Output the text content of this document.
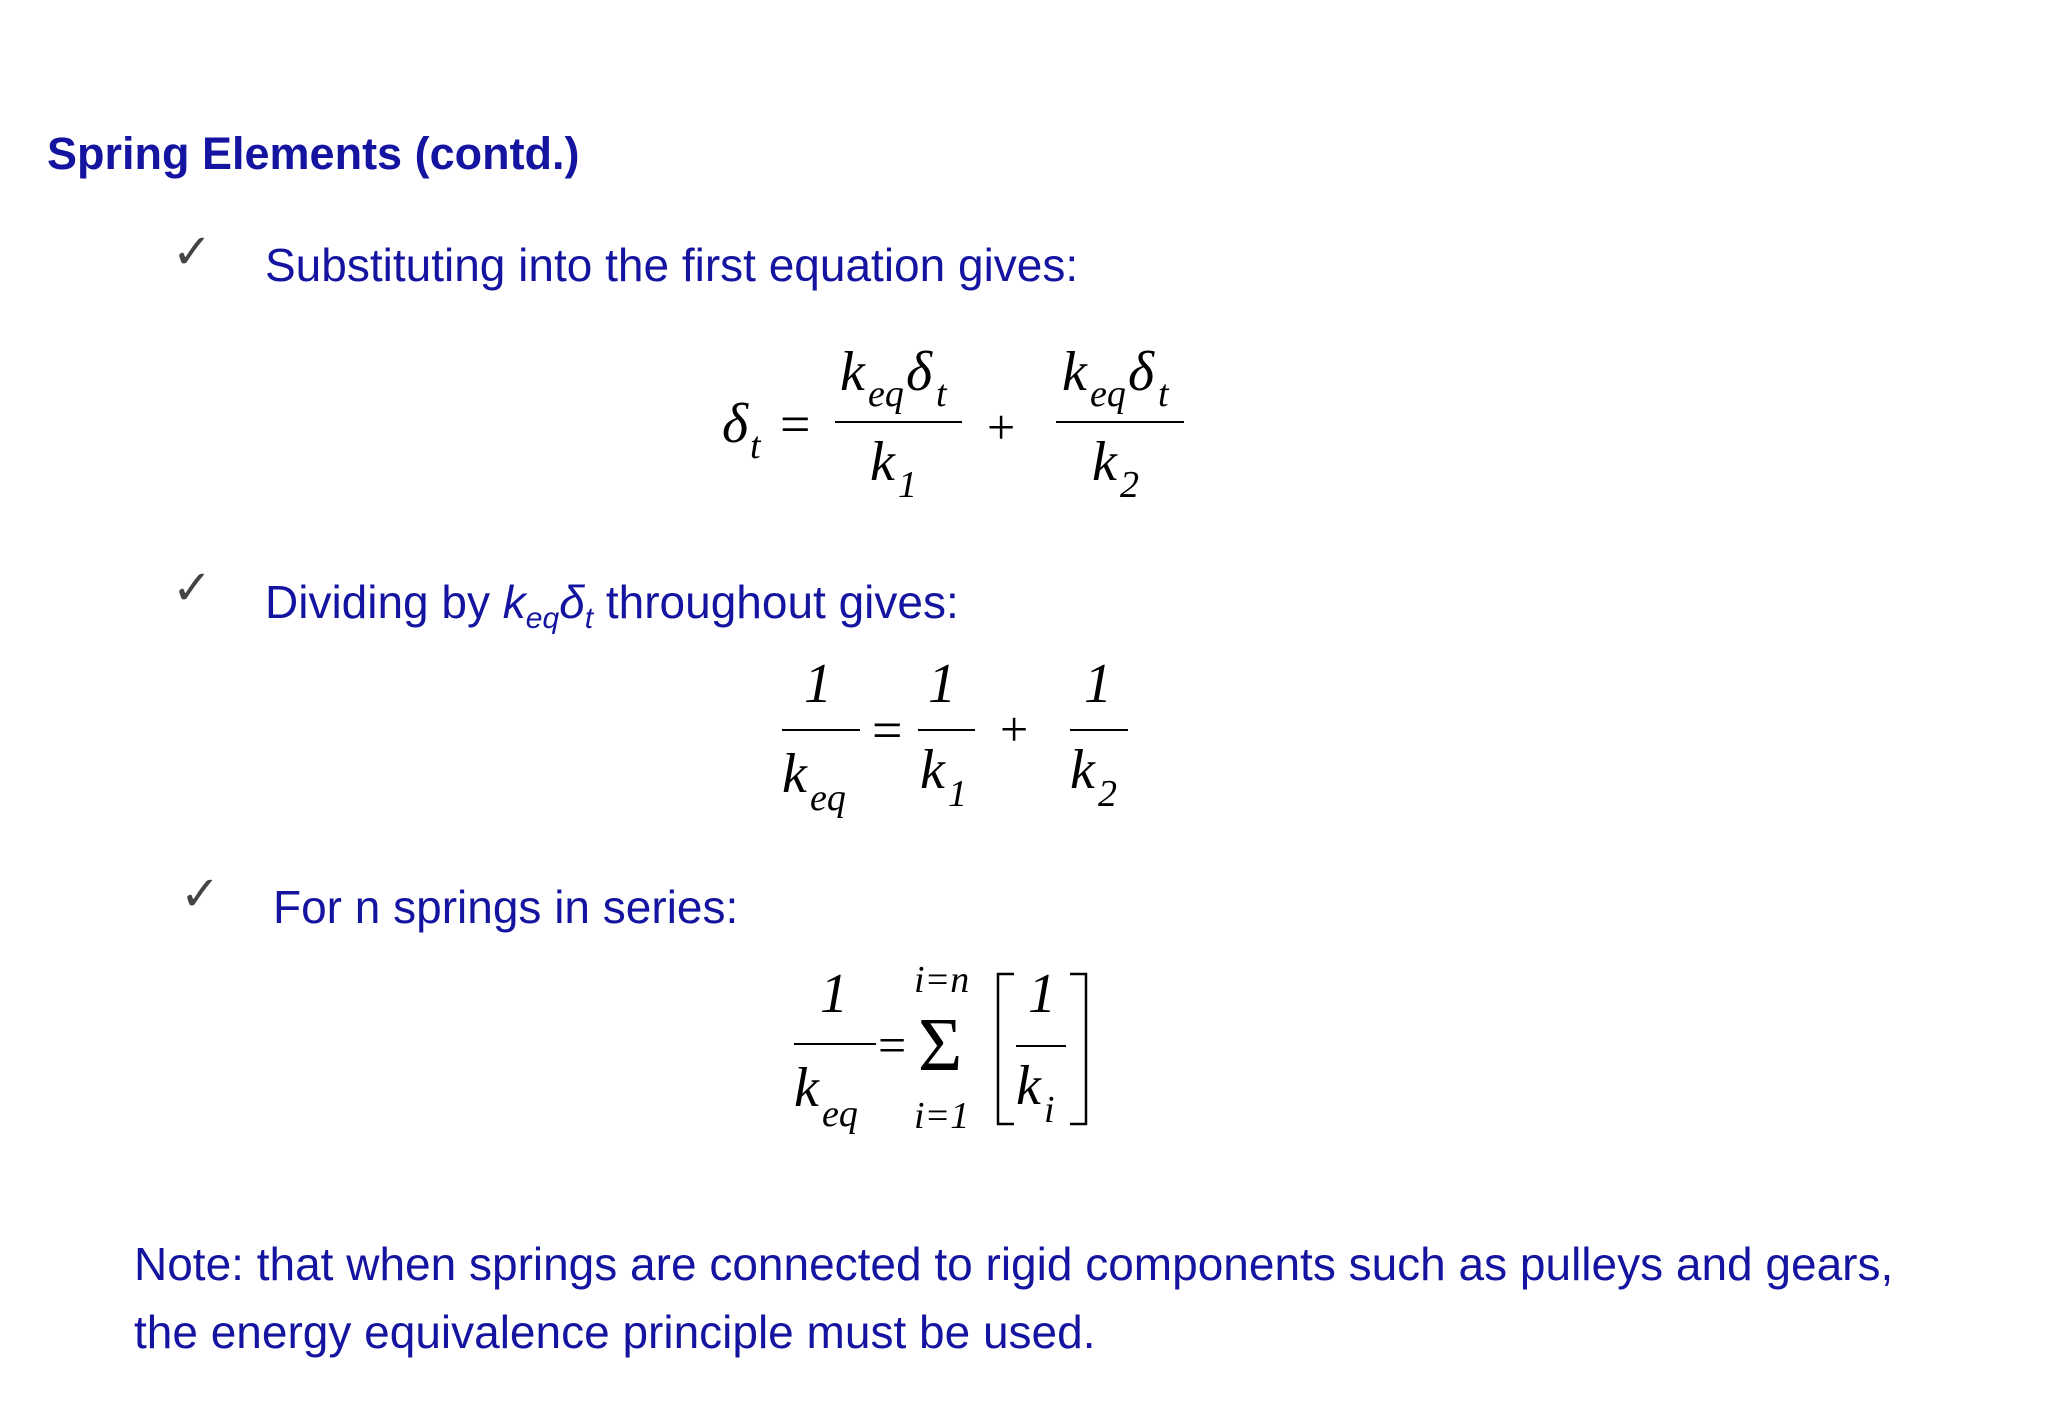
Spring Elements (contd.)
✓ Substituting into the first equation gives:
δ t =
k eq δ t
k 1
+
k eq δ t
k 2
✓ Dividing by $k_{eq}\delta_t$ throughout gives:
1
k eq
=
1
k 1
+
1
k 2
✓ For n springs in series:
1
k eq
=
i=n
Σ
i=1
1
k i
Note: that when springs are connected to rigid components such as pulleys and gears,
the energy equivalence principle must be used.
